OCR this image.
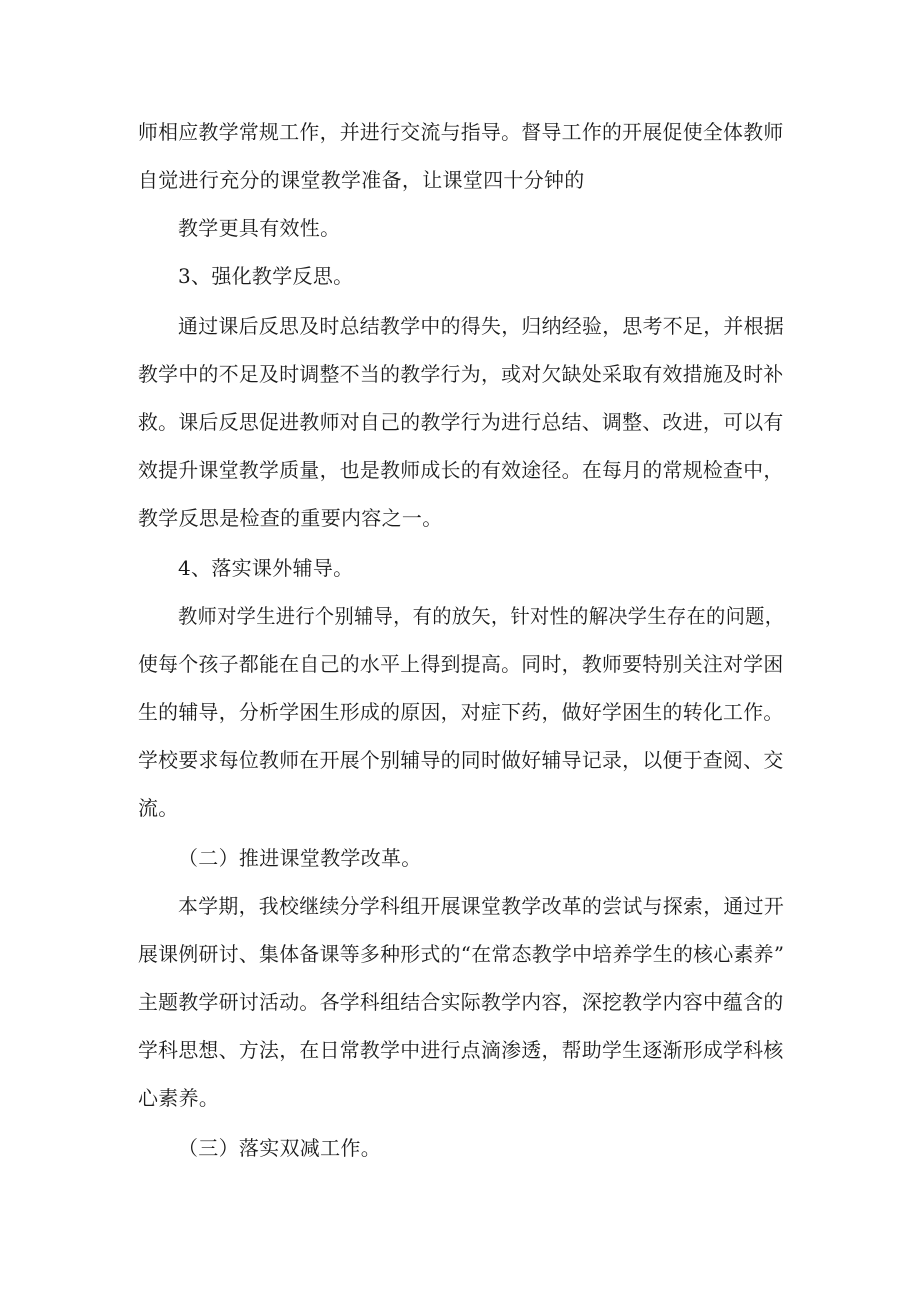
师相应教学常规工作，并进行交流与指导。督导工作的开展促使全体教师
自觉进行充分的课堂教学准备，让课堂四十分钟的
教学更具有效性。
3、强化教学反思。
通过课后反思及时总结教学中的得失，归纳经验，思考不足，并根据
教学中的不足及时调整不当的教学行为，或对欠缺处采取有效措施及时补
救。课后反思促进教师对自己的教学行为进行总结、调整、改进，可以有
效提升课堂教学质量，也是教师成长的有效途径。在每月的常规检查中，
教学反思是检查的重要内容之一。
4、落实课外辅导。
教师对学生进行个别辅导，有的放矢，针对性的解决学生存在的问题，
使每个孩子都能在自己的水平上得到提高。同时，教师要特别关注对学困
生的辅导，分析学困生形成的原因，对症下药，做好学困生的转化工作。
学校要求每位教师在开展个别辅导的同时做好辅导记录，以便于查阅、交
流。
（二）推进课堂教学改革。
本学期，我校继续分学科组开展课堂教学改革的尝试与探索，通过开
展课例研讨、集体备课等多种形式的“在常态教学中培养学生的核心素养”
主题教学研讨活动。各学科组结合实际教学内容，深挖教学内容中蕴含的
学科思想、方法，在日常教学中进行点滴渗透，帮助学生逐渐形成学科核
心素养。
（三）落实双减工作。
